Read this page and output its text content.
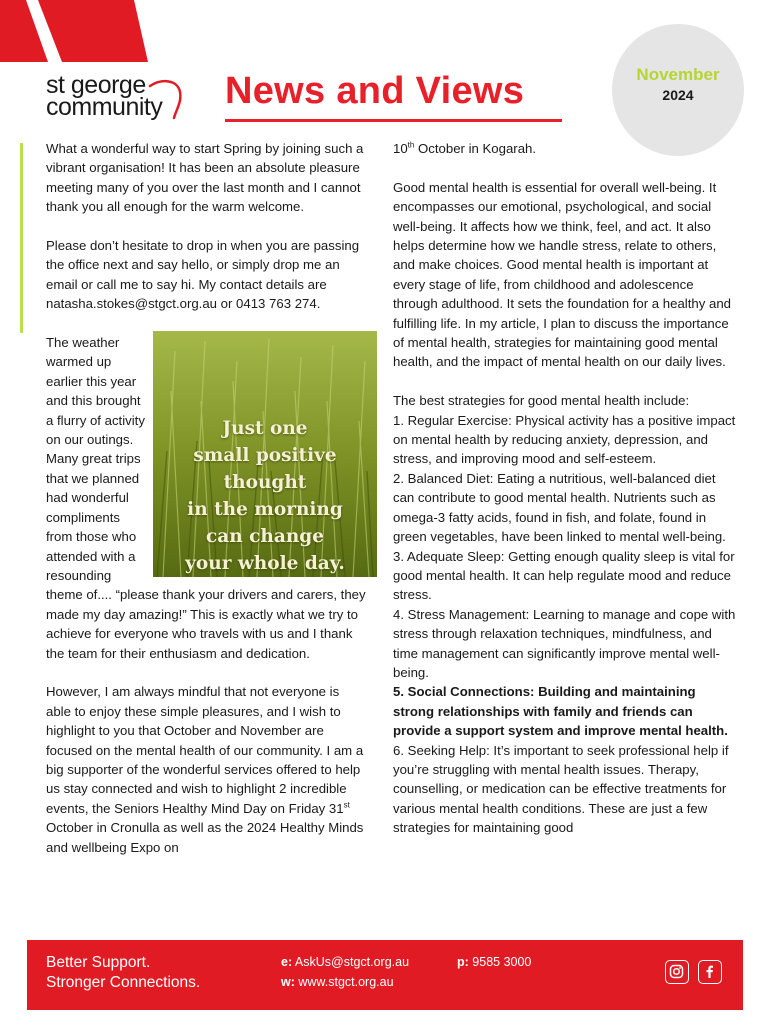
st george
community	News and Views	November
2024

What a wonderful way to start Spring by joining such a vibrant organisation! It has been an absolute pleasure meeting many of you over the last month and I cannot thank you all enough for the warm welcome.

Please don’t hesitate to drop in when you are passing the office next and say hello, or simply drop me an email or call me to say hi. My contact details are natasha.stokes@stgct.org.au or 0413 763 274.

Just one
small positive
thought
in the morning
can change
your whole day.

The weather warmed up earlier this year and this brought a flurry of activity on our outings. Many great trips that we planned had wonderful compliments from those who attended with a resounding theme of.... “please thank your drivers and carers, they made my day amazing!” This is exactly what we try to achieve for everyone who travels with us and I thank the team for their enthusiasm and dedication.

However, I am always mindful that not everyone is able to enjoy these simple pleasures, and I wish to highlight to you that October and November are focused on the mental health of our community. I am a big supporter of the wonderful services offered to help us stay connected and wish to highlight 2 incredible events, the Seniors Healthy Mind Day on Friday 31st October in Cronulla as well as the 2024 Healthy Minds and wellbeing Expo on

10th October in Kogarah.

Good mental health is essential for overall well-being. It encompasses our emotional, psychological, and social well-being. It affects how we think, feel, and act. It also helps determine how we handle stress, relate to others, and make choices. Good mental health is important at every stage of life, from childhood and adolescence through adulthood. It sets the foundation for a healthy and fulfilling life. In my article, I plan to discuss the importance of mental health, strategies for maintaining good mental health, and the impact of mental health on our daily lives.

The best strategies for good mental health include:

1. Regular Exercise: Physical activity has a positive impact on mental health by reducing anxiety, depression, and stress, and improving mood and self-esteem.

2. Balanced Diet: Eating a nutritious, well-balanced diet can contribute to good mental health. Nutrients such as omega-3 fatty acids, found in fish, and folate, found in green vegetables, have been linked to mental well-being.

3. Adequate Sleep: Getting enough quality sleep is vital for good mental health. It can help regulate mood and reduce stress.

4. Stress Management: Learning to manage and cope with stress through relaxation techniques, mindfulness, and time management can significantly improve mental well-being.

5. Social Connections: Building and maintaining strong relationships with family and friends can provide a support system and improve mental health.

6. Seeking Help: It’s important to seek professional help if you’re struggling with mental health issues. Therapy, counselling, or medication can be effective treatments for various mental health conditions. These are just a few strategies for maintaining good

Better Support.
Stronger Connections.
e: AskUs@stgct.org.au
w: www.stgct.org.au
p: 9585 3000
